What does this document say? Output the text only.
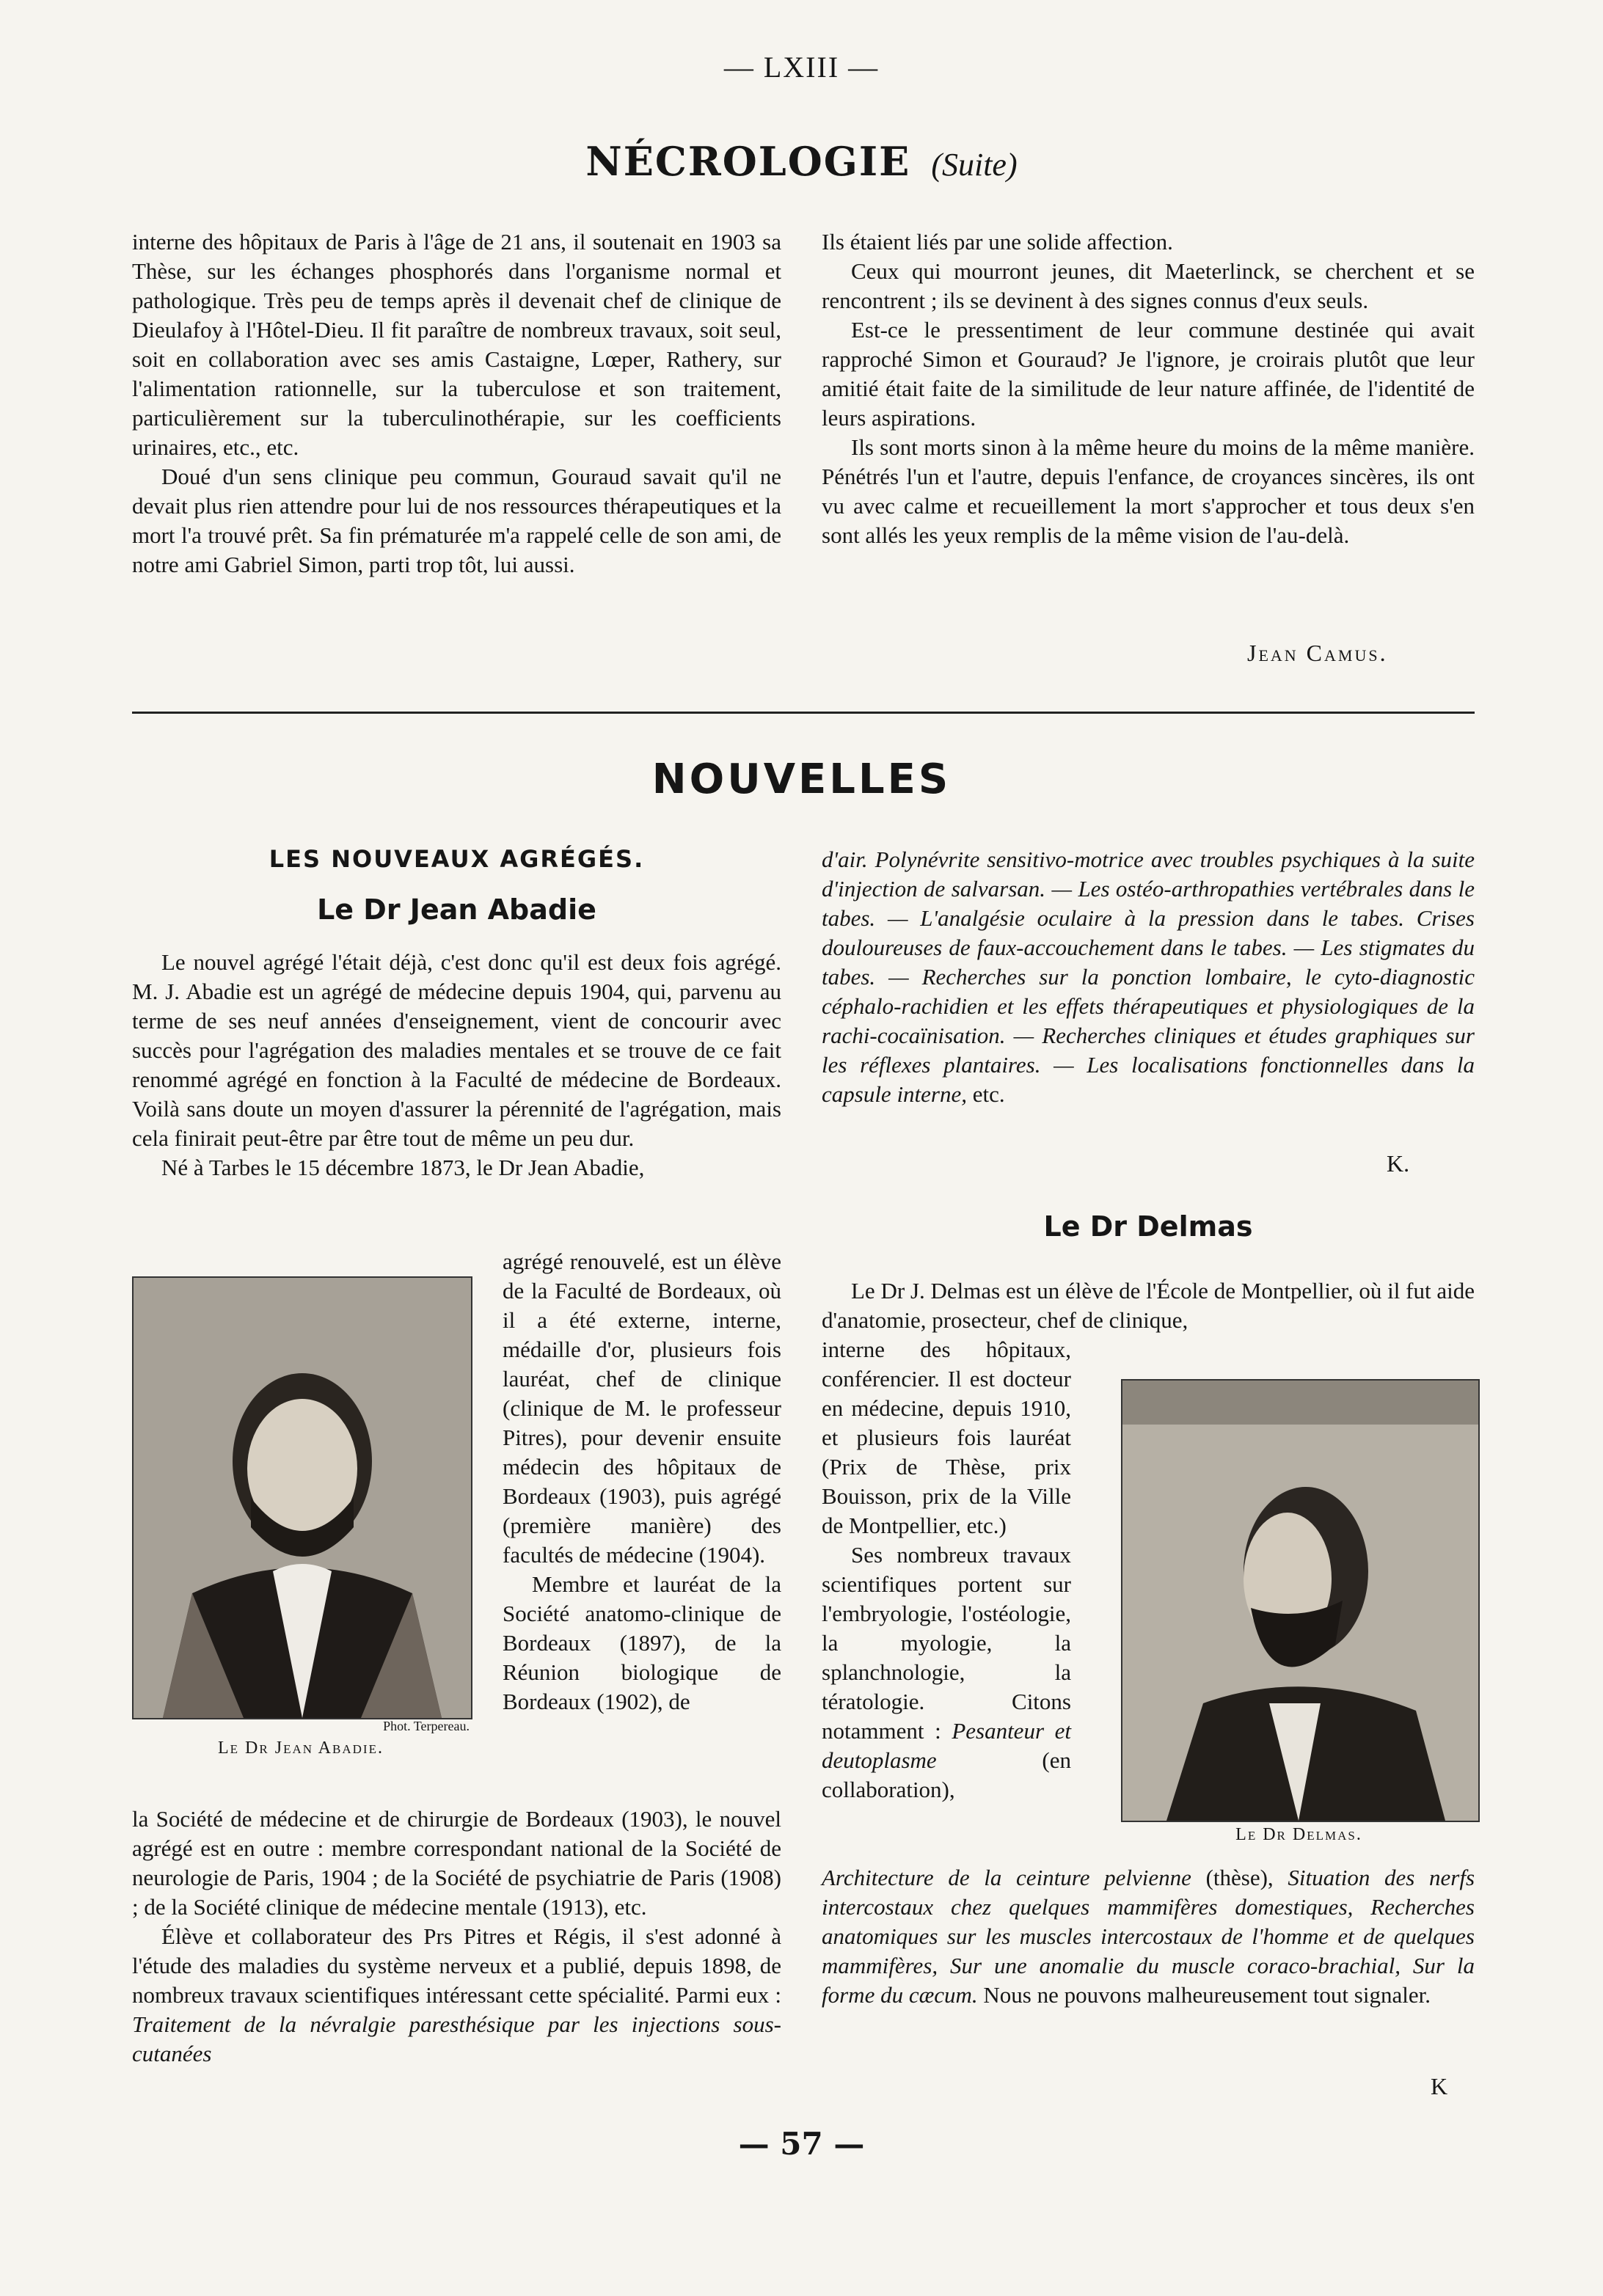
— LXIII —
NÉCROLOGIE (Suite)

interne des hôpitaux de Paris à l'âge de 21 ans, il soutenait en 1903 sa Thèse, sur les échanges phosphorés dans l'organisme normal et pathologique. Très peu de temps après il devenait chef de clinique de Dieulafoy à l'Hôtel-Dieu. Il fit paraître de nombreux travaux, soit seul, soit en collaboration avec ses amis Castaigne, Lœper, Rathery, sur l'alimentation rationnelle, sur la tuberculose et son traitement, particulièrement sur la tuberculinothérapie, sur les coefficients urinaires, etc., etc.

Doué d'un sens clinique peu commun, Gouraud savait qu'il ne devait plus rien attendre pour lui de nos ressources thérapeutiques et la mort l'a trouvé prêt. Sa fin prématurée m'a rappelé celle de son ami, de notre ami Gabriel Simon, parti trop tôt, lui aussi.

Ils étaient liés par une solide affection.

Ceux qui mourront jeunes, dit Maeterlinck, se cherchent et se rencontrent ; ils se devinent à des signes connus d'eux seuls.

Est-ce le pressentiment de leur commune destinée qui avait rapproché Simon et Gouraud? Je l'ignore, je croirais plutôt que leur amitié était faite de la similitude de leur nature affinée, de l'identité de leurs aspirations.

Ils sont morts sinon à la même heure du moins de la même manière. Pénétrés l'un et l'autre, depuis l'enfance, de croyances sincères, ils ont vu avec calme et recueillement la mort s'approcher et tous deux s'en sont allés les yeux remplis de la même vision de l'au-delà.

Jean Camus.
NOUVELLES
LES NOUVEAUX AGRÉGÉS.
Le Dr Jean Abadie

Le nouvel agrégé l'était déjà, c'est donc qu'il est deux fois agrégé. M. J. Abadie est un agrégé de médecine depuis 1904, qui, parvenu au terme de ses neuf années d'enseignement, vient de concourir avec succès pour l'agrégation des maladies mentales et se trouve de ce fait renommé agrégé en fonction à la Faculté de médecine de Bordeaux. Voilà sans doute un moyen d'assurer la pérennité de l'agrégation, mais cela finirait peut-être par être tout de même un peu dur.

Né à Tarbes le 15 décembre 1873, le Dr Jean Abadie,

Phot. Terpereau.
Le Dr Jean Abadie.

agrégé renouvelé, est un élève de la Faculté de Bordeaux, où il a été externe, interne, médaille d'or, plusieurs fois lauréat, chef de clinique (clinique de M. le professeur Pitres), pour devenir ensuite médecin des hôpitaux de Bordeaux (1903), puis agrégé (première manière) des facultés de médecine (1904).

Membre et lauréat de la Société anatomo-clinique de Bordeaux (1897), de la Réunion biologique de Bordeaux (1902), de

la Société de médecine et de chirurgie de Bordeaux (1903), le nouvel agrégé est en outre : membre correspondant national de la Société de neurologie de Paris, 1904 ; de la Société de psychiatrie de Paris (1908) ; de la Société clinique de médecine mentale (1913), etc.

Élève et collaborateur des Prs Pitres et Régis, il s'est adonné à l'étude des maladies du système nerveux et a publié, depuis 1898, de nombreux travaux scientifiques intéressant cette spécialité. Parmi eux : Traitement de la névralgie paresthésique par les injections sous-cutanées

d'air. Polynévrite sensitivo-motrice avec troubles psychiques à la suite d'injection de salvarsan. — Les ostéo-arthropathies vertébrales dans le tabes. — L'analgésie oculaire à la pression dans le tabes. Crises douloureuses de faux-accouchement dans le tabes. — Les stigmates du tabes. — Recherches sur la ponction lombaire, le cyto-diagnostic céphalo-rachidien et les effets thérapeutiques et physiologiques de la rachi-cocaïnisation. — Recherches cliniques et études graphiques sur les réflexes plantaires. — Les localisations fonctionnelles dans la capsule interne, etc.

K.
Le Dr Delmas

Le Dr J. Delmas est un élève de l'École de Montpellier, où il fut aide d'anatomie, prosecteur, chef de clinique,

interne des hôpitaux, conférencier. Il est docteur en médecine, depuis 1910, et plusieurs fois lauréat (Prix de Thèse, prix Bouisson, prix de la Ville de Montpellier, etc.)

Ses nombreux travaux scientifiques portent sur l'embryologie, l'ostéologie, la myologie, la splanchnologie, la tératologie. Citons notamment : Pesanteur et deutoplasme	(en collaboration),

Le Dr Delmas.

Architecture de la ceinture pelvienne (thèse), Situation des nerfs intercostaux chez quelques mammifères domestiques, Recherches anatomiques sur les muscles intercostaux de l'homme et de quelques mammifères, Sur une anomalie du muscle coraco-brachial, Sur la forme du cæcum. Nous ne pouvons malheureusement tout signaler.

K
— 57 —
